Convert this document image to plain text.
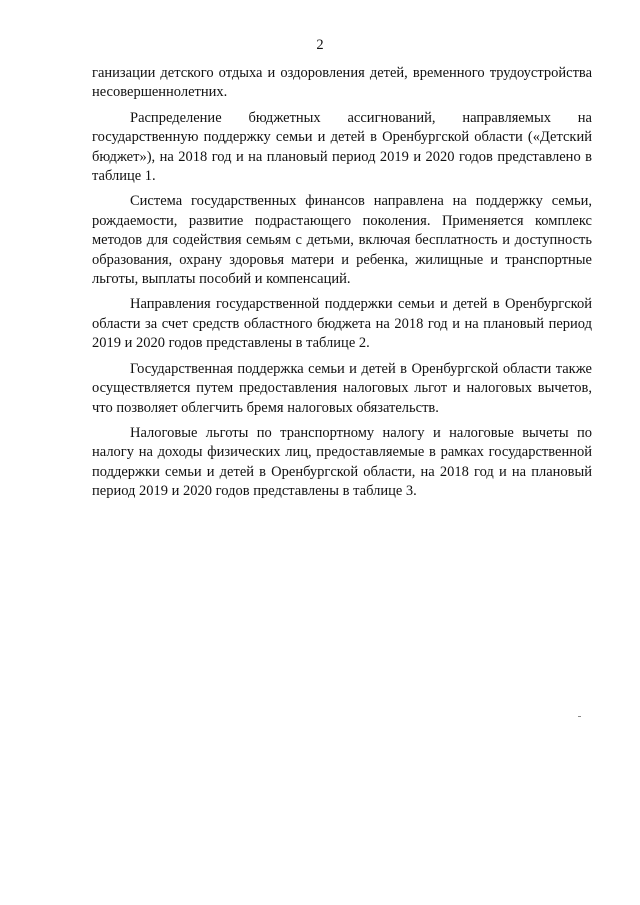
2

ганизации детского отдыха и оздоровления детей, временного трудоустройства несовершеннолетних.

Распределение бюджетных ассигнований, направляемых на государственную поддержку семьи и детей в Оренбургской области («Детский бюджет»), на 2018 год и на плановый период 2019 и 2020 годов представлено в таблице 1.

Система государственных финансов направлена на поддержку семьи, рождаемости, развитие подрастающего поколения. Применяется комплекс методов для содействия семьям с детьми, включая бесплатность и доступность образования, охрану здоровья матери и ребенка, жилищные и транспортные льготы, выплаты пособий и компенсаций.

Направления государственной поддержки семьи и детей в Оренбургской области за счет средств областного бюджета на 2018 год и на плановый период 2019 и 2020 годов представлены в таблице 2.

Государственная поддержка семьи и детей в Оренбургской области также осуществляется путем предоставления налоговых льгот и налоговых вычетов, что позволяет облегчить бремя налоговых обязательств.

Налоговые льготы по транспортному налогу и налоговые вычеты по налогу на доходы физических лиц, предоставляемые в рамках государственной поддержки семьи и детей в Оренбургской области, на 2018 год и на плановый период 2019 и 2020 годов представлены в таблице 3.
